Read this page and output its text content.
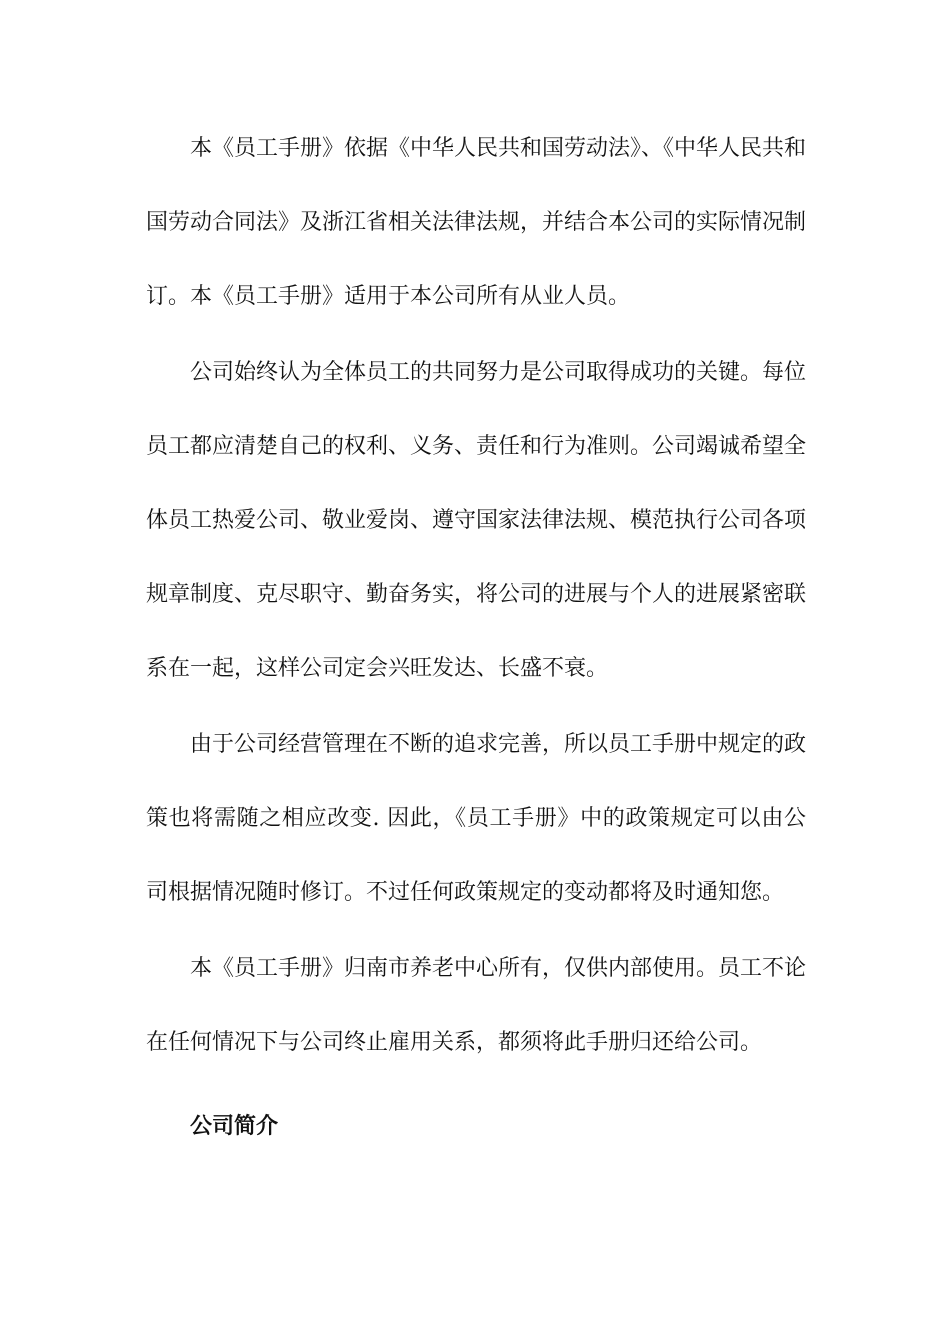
本《员工手册》依据《中华人民共和国劳动法》、《中华人民共和国劳动合同法》及浙江省相关法律法规，并结合本公司的实际情况制订。本《员工手册》适用于本公司所有从业人员。

公司始终认为全体员工的共同努力是公司取得成功的关键。每位员工都应清楚自己的权利、义务、责任和行为准则。公司竭诚希望全体员工热爱公司、敬业爱岗、遵守国家法律法规、模范执行公司各项规章制度、克尽职守、勤奋务实，将公司的进展与个人的进展紧密联系在一起，这样公司定会兴旺发达、长盛不衰。

由于公司经营管理在不断的追求完善，所以员工手册中规定的政策也将需随之相应改变. 因此，《员工手册》中的政策规定可以由公司根据情况随时修订。不过任何政策规定的变动都将及时通知您。

本《员工手册》归南市养老中心所有，仅供内部使用。员工不论在任何情况下与公司终止雇用关系，都须将此手册归还给公司。

公司简介
